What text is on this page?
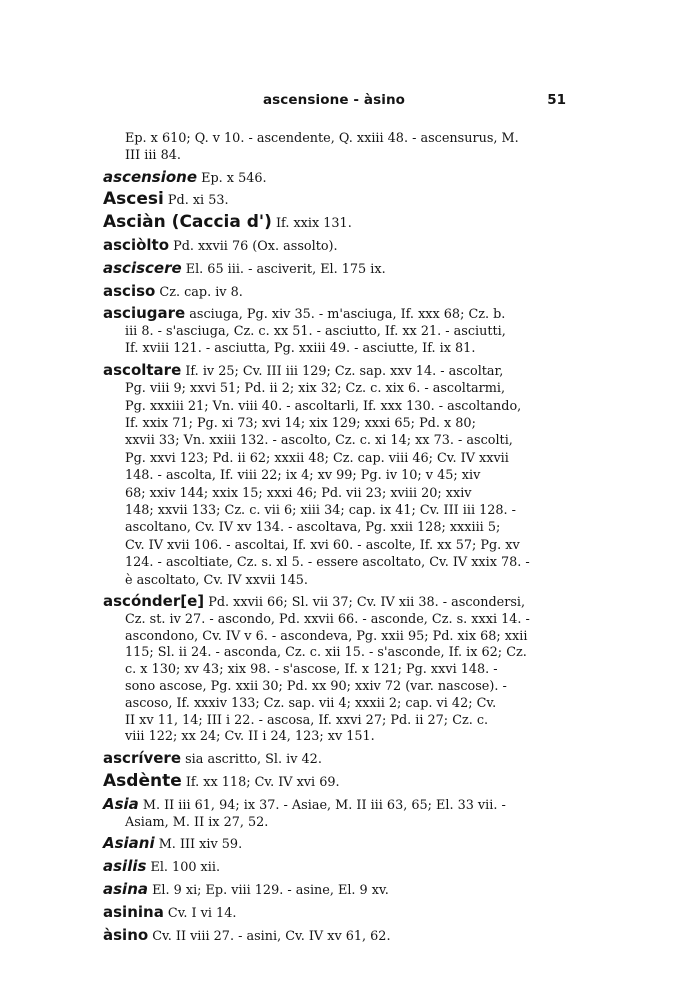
ascensione - àsino	51
Ep. x 610; Q. v 10. - ascendente, Q. xxiii 48. - ascensurus, M.
III iii 84.
ascensione Ep. x 546.
Ascesi Pd. xi 53.
Asciàn (Caccia d') If. xxix 131.
asciòlto Pd. xxvii 76 (Ox. assolto).
asciscere El. 65 iii. - asciverit, El. 175 ix.
asciso Cz. cap. iv 8.
asciugare asciuga, Pg. xiv 35. - m'asciuga, If. xxx 68; Cz. b.
iii 8. - s'asciuga, Cz. c. xx 51. - asciutto, If. xx 21. - asciutti,
If. xviii 121. - asciutta, Pg. xxiii 49. - asciutte, If. ix 81.
ascoltare If. iv 25; Cv. III iii 129; Cz. sap. xxv 14. - ascoltar,
Pg. viii 9; xxvi 51; Pd. ii 2; xix 32; Cz. c. xix 6. - ascoltarmi,
Pg. xxxiii 21; Vn. viii 40. - ascoltarli, If. xxx 130. - ascoltando,
If. xxix 71; Pg. xi 73; xvi 14; xix 129; xxxi 65; Pd. x 80;
xxvii 33; Vn. xxiii 132. - ascolto, Cz. c. xi 14; xx 73. - ascolti,
Pg. xxvi 123; Pd. ii 62; xxxii 48; Cz. cap. viii 46; Cv. IV xxvii
148. - ascolta, If. viii 22; ix 4; xv 99; Pg. iv 10; v 45; xiv
68; xxiv 144; xxix 15; xxxi 46; Pd. vii 23; xviii 20; xxiv
148; xxvii 133; Cz. c. vii 6; xiii 34; cap. ix 41; Cv. III iii 128. -
ascoltano, Cv. IV xv 134. - ascoltava, Pg. xxii 128; xxxiii 5;
Cv. IV xvii 106. - ascoltai, If. xvi 60. - ascolte, If. xx 57; Pg. xv
124. - ascoltiate, Cz. s. xl 5. - essere ascoltato, Cv. IV xxix 78. -
è ascoltato, Cv. IV xxvii 145.
ascónder[e] Pd. xxvii 66; Sl. vii 37; Cv. IV xii 38. - ascondersi,
Cz. st. iv 27. - ascondo, Pd. xxvii 66. - asconde, Cz. s. xxxi 14. -
ascondono, Cv. IV v 6. - ascondeva, Pg. xxii 95; Pd. xix 68; xxii
115; Sl. ii 24. - asconda, Cz. c. xii 15. - s'asconde, If. ix 62; Cz.
c. x 130; xv 43; xix 98. - s'ascose, If. x 121; Pg. xxvi 148. -
sono ascose, Pg. xxii 30; Pd. xx 90; xxiv 72 (var. nascose). -
ascoso, If. xxxiv 133; Cz. sap. vii 4; xxxii 2; cap. vi 42; Cv.
II xv 11, 14; III i 22. - ascosa, If. xxvi 27; Pd. ii 27; Cz. c.
viii 122; xx 24; Cv. II i 24, 123; xv 151.
ascrívere sia ascritto, Sl. iv 42.
Asdènte If. xx 118; Cv. IV xvi 69.
Asia M. II iii 61, 94; ix 37. - Asiae, M. II iii 63, 65; El. 33 vii. -
Asiam, M. II ix 27, 52.
Asiani M. III xiv 59.
asilis El. 100 xii.
asina El. 9 xi; Ep. viii 129. - asine, El. 9 xv.
asinina Cv. I vi 14.
àsino Cv. II viii 27. - asini, Cv. IV xv 61, 62.
